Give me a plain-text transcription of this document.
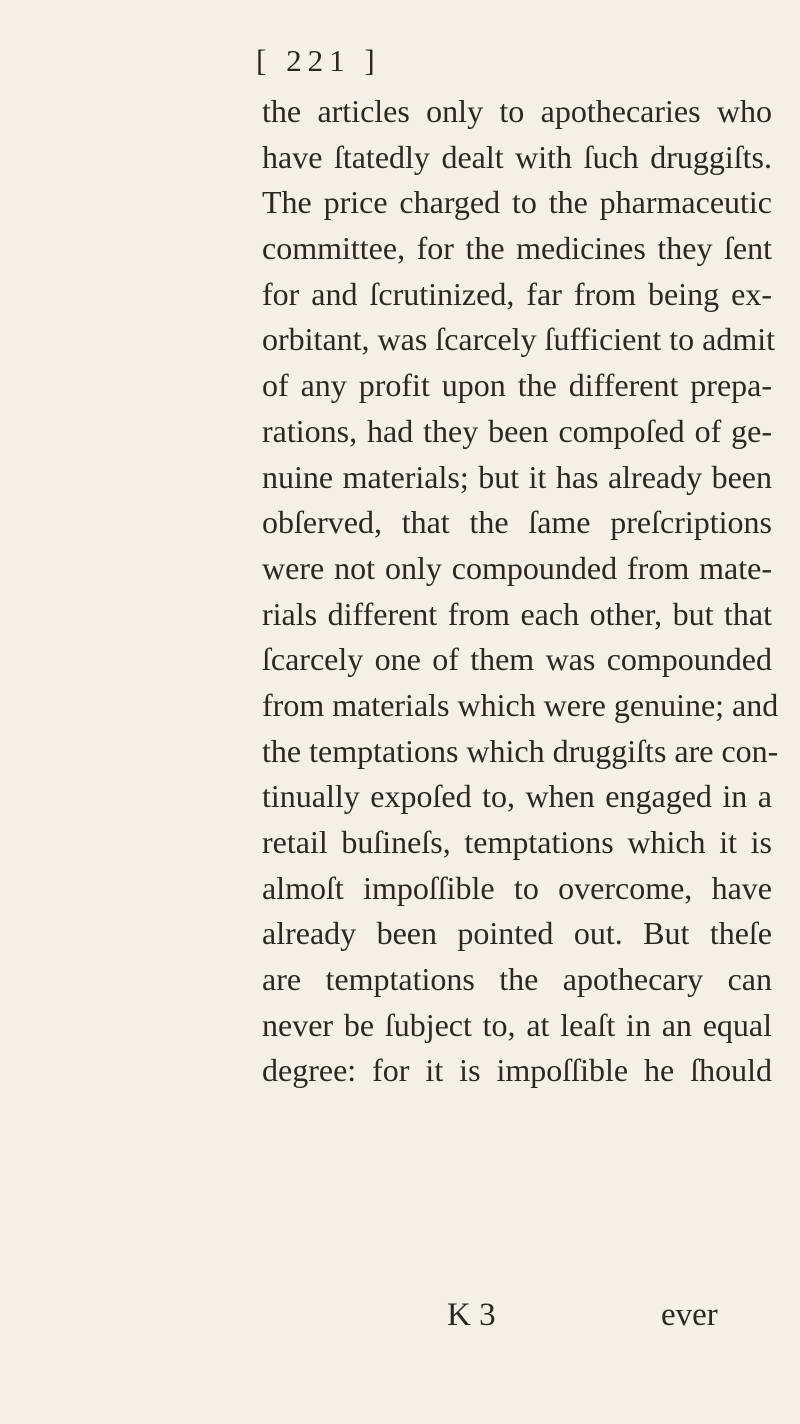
[ 221 ]
the articles only to apothecaries who
have ſtatedly dealt with ſuch druggiſts.
The price charged to the pharmaceutic
committee, for the medicines they ſent
for and ſcrutinized, far from being ex-
orbitant, was ſcarcely ſufficient to admit
of any profit upon the different prepa-
rations, had they been compoſed of ge-
nuine materials; but it has already been
obſerved, that the ſame preſcriptions
were not only compounded from mate-
rials different from each other, but that
ſcarcely one of them was compounded
from materials which were genuine; and
the temptations which druggiſts are con-
tinually expoſed to, when engaged in a
retail buſineſs, temptations which it is
almoſt impoſſible to overcome, have
already been pointed out. But theſe
are temptations the apothecary can
never be ſubject to, at leaſt in an equal
degree: for it is impoſſible he ſhould
K 3	ever
